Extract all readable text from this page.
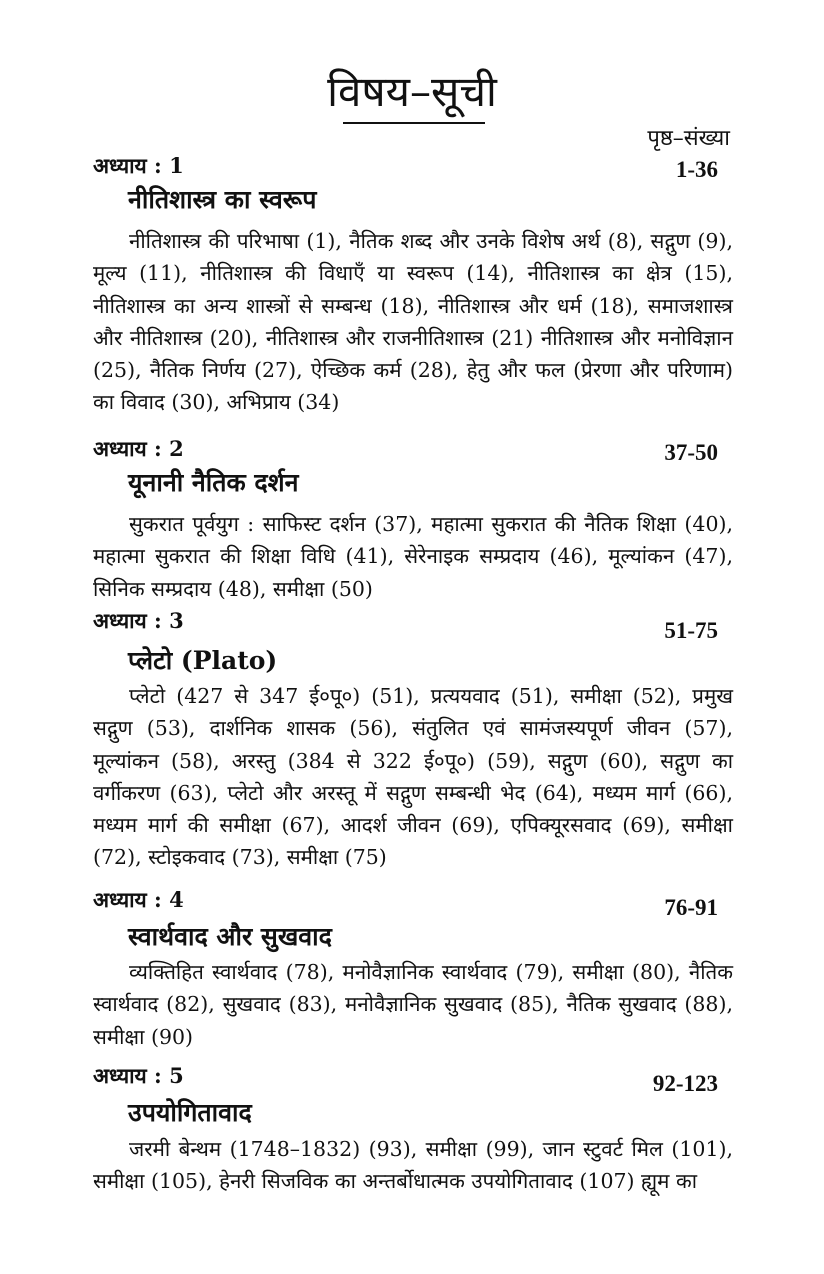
विषय–सूची
पृष्ठ–संख्या
अध्याय : 1	1-36
नीतिशास्त्र का स्वरूप

नीतिशास्त्र की परिभाषा (1), नैतिक शब्द और उनके विशेष अर्थ (8), सद्गुण (9), मूल्य (11), नीतिशास्त्र की विधाएँ या स्वरूप (14), नीतिशास्त्र का क्षेत्र (15), नीतिशास्त्र का अन्य शास्त्रों से सम्बन्ध (18), नीतिशास्त्र और धर्म (18), समाजशास्त्र और नीतिशास्त्र (20), नीतिशास्त्र और राजनीतिशास्त्र (21) नीतिशास्त्र और मनोविज्ञान (25), नैतिक निर्णय (27), ऐच्छिक कर्म (28), हेतु और फल (प्रेरणा और परिणाम) का विवाद (30), अभिप्राय (34)

अध्याय : 2	37-50
यूनानी नैतिक दर्शन

सुकरात पूर्वयुग : साफिस्ट दर्शन (37), महात्मा सुकरात की नैतिक शिक्षा (40), महात्मा सुकरात की शिक्षा विधि (41), सेरेनाइक सम्प्रदाय (46), मूल्यांकन (47), सिनिक सम्प्रदाय (48), समीक्षा (50)

अध्याय : 3	51-75
प्लेटो (Plato)

प्लेटो (427 से 347 ई०पू०) (51), प्रत्ययवाद (51), समीक्षा (52), प्रमुख सद्गुण (53), दार्शनिक शासक (56), संतुलित एवं सामंजस्यपूर्ण जीवन (57), मूल्यांकन (58), अरस्तु (384 से 322 ई०पू०) (59), सद्गुण (60), सद्गुण का वर्गीकरण (63), प्लेटो और अरस्तू में सद्गुण सम्बन्धी भेद (64), मध्यम मार्ग (66), मध्यम मार्ग की समीक्षा (67), आदर्श जीवन (69), एपिक्यूरसवाद (69), समीक्षा (72), स्टोइकवाद (73), समीक्षा (75)

अध्याय : 4	76-91
स्वार्थवाद और सुखवाद

व्यक्तिहित स्वार्थवाद (78), मनोवैज्ञानिक स्वार्थवाद (79), समीक्षा (80), नैतिक स्वार्थवाद (82), सुखवाद (83), मनोवैज्ञानिक सुखवाद (85), नैतिक सुखवाद (88), समीक्षा (90)

अध्याय : 5	92-123
उपयोगितावाद

जरमी बेन्थम (1748–1832) (93), समीक्षा (99), जान स्टुवर्ट मिल (101), समीक्षा (105), हेनरी सिजविक का अन्तर्बोधात्मक उपयोगितावाद (107) ह्यूम का
